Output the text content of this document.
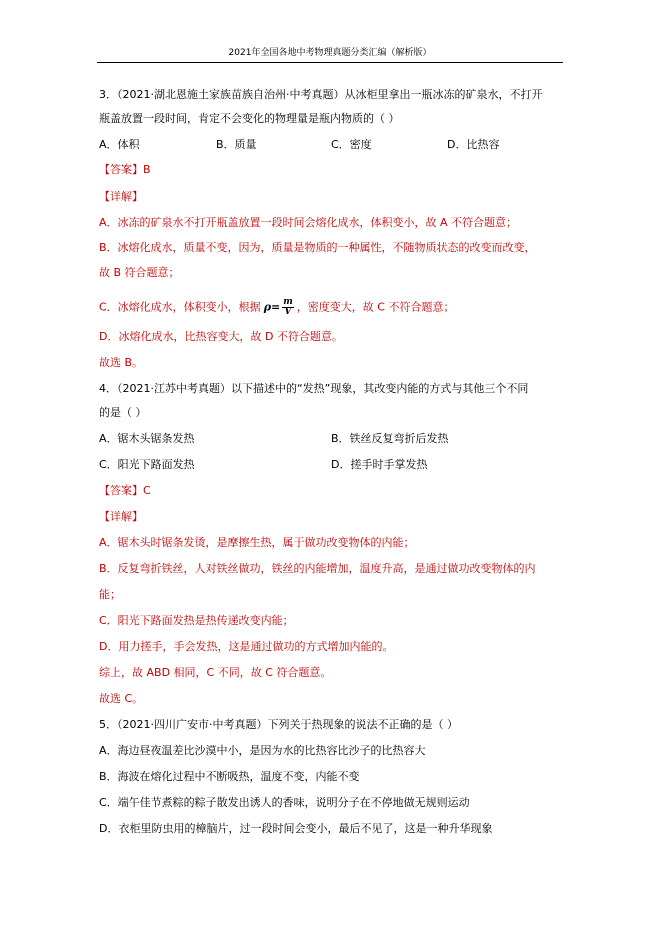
2021年全国各地中考物理真题分类汇编（解析版）
3．（2021·湖北恩施土家族苗族自治州·中考真题）从冰柜里拿出一瓶冰冻的矿泉水，不打开
瓶盖放置一段时间，肯定不会变化的物理量是瓶内物质的（ ）
A．体积	B．质量	C．密度	D．比热容
【答案】B
【详解】
A．冰冻的矿泉水不打开瓶盖放置一段时间会熔化成水，体积变小，故 A 不符合题意；
B．冰熔化成水，质量不变，因为，质量是物质的一种属性，不随物质状态的改变而改变，
故 B 符合题意；
C．冰熔化成水，体积变小，根据 $\rho= \frac{m}{V}$ ，密度变大，故 C 不符合题意；
D．冰熔化成水，比热容变大，故 D 不符合题意。
故选 B。
4．（2021·江苏中考真题）以下描述中的“发热”现象，其改变内能的方式与其他三个不同
的是（ ）
A．锯木头锯条发热	B．铁丝反复弯折后发热
C．阳光下路面发热	D．搓手时手掌发热
【答案】C
【详解】
A．锯木头时锯条发烫，是摩擦生热，属于做功改变物体的内能；
B．反复弯折铁丝，人对铁丝做功，铁丝的内能增加，温度升高，是通过做功改变物体的内
能；
C．阳光下路面发热是热传递改变内能；
D．用力搓手，手会发热，这是通过做功的方式增加内能的。
综上，故 ABD 相同，C 不同，故 C 符合题意。
故选 C。
5．（2021·四川广安市·中考真题）下列关于热现象的说法不正确的是（ ）
A．海边昼夜温差比沙漠中小，是因为水的比热容比沙子的比热容大
B．海波在熔化过程中不断吸热，温度不变，内能不变
C．端午佳节煮粽的粽子散发出诱人的香味，说明分子在不停地做无规则运动
D．衣柜里防虫用的樟脑片，过一段时间会变小，最后不见了，这是一种升华现象
